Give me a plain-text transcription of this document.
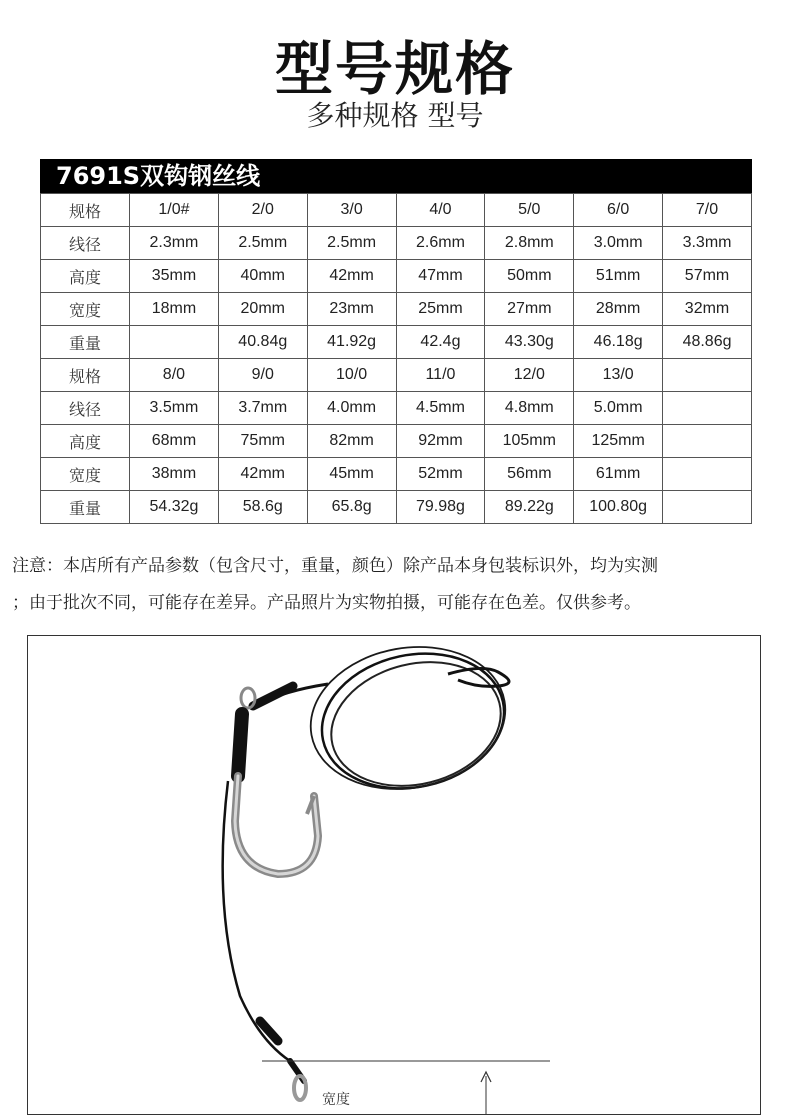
型号规格
多种规格 型号
7691S双钩钢丝线
规格	1/0#	2/0	3/0	4/0	5/0	6/0	7/0
线径	2.3mm	2.5mm	2.5mm	2.6mm	2.8mm	3.0mm	3.3mm
高度	35mm	40mm	42mm	47mm	50mm	51mm	57mm
宽度	18mm	20mm	23mm	25mm	27mm	28mm	32mm
重量		40.84g	41.92g	42.4g	43.30g	46.18g	48.86g
规格	8/0	9/0	10/0	11/0	12/0	13/0	
线径	3.5mm	3.7mm	4.0mm	4.5mm	4.8mm	5.0mm	
高度	68mm	75mm	82mm	92mm	105mm	125mm	
宽度	38mm	42mm	45mm	52mm	56mm	61mm	
重量	54.32g	58.6g	65.8g	79.98g	89.22g	100.80g	
注意：本店所有产品参数（包含尺寸，重量，颜色）除产品本身包装标识外，均为实测
；由于批次不同，可能存在差异。产品照片为实物拍摄，可能存在色差。仅供参考。
宽度
